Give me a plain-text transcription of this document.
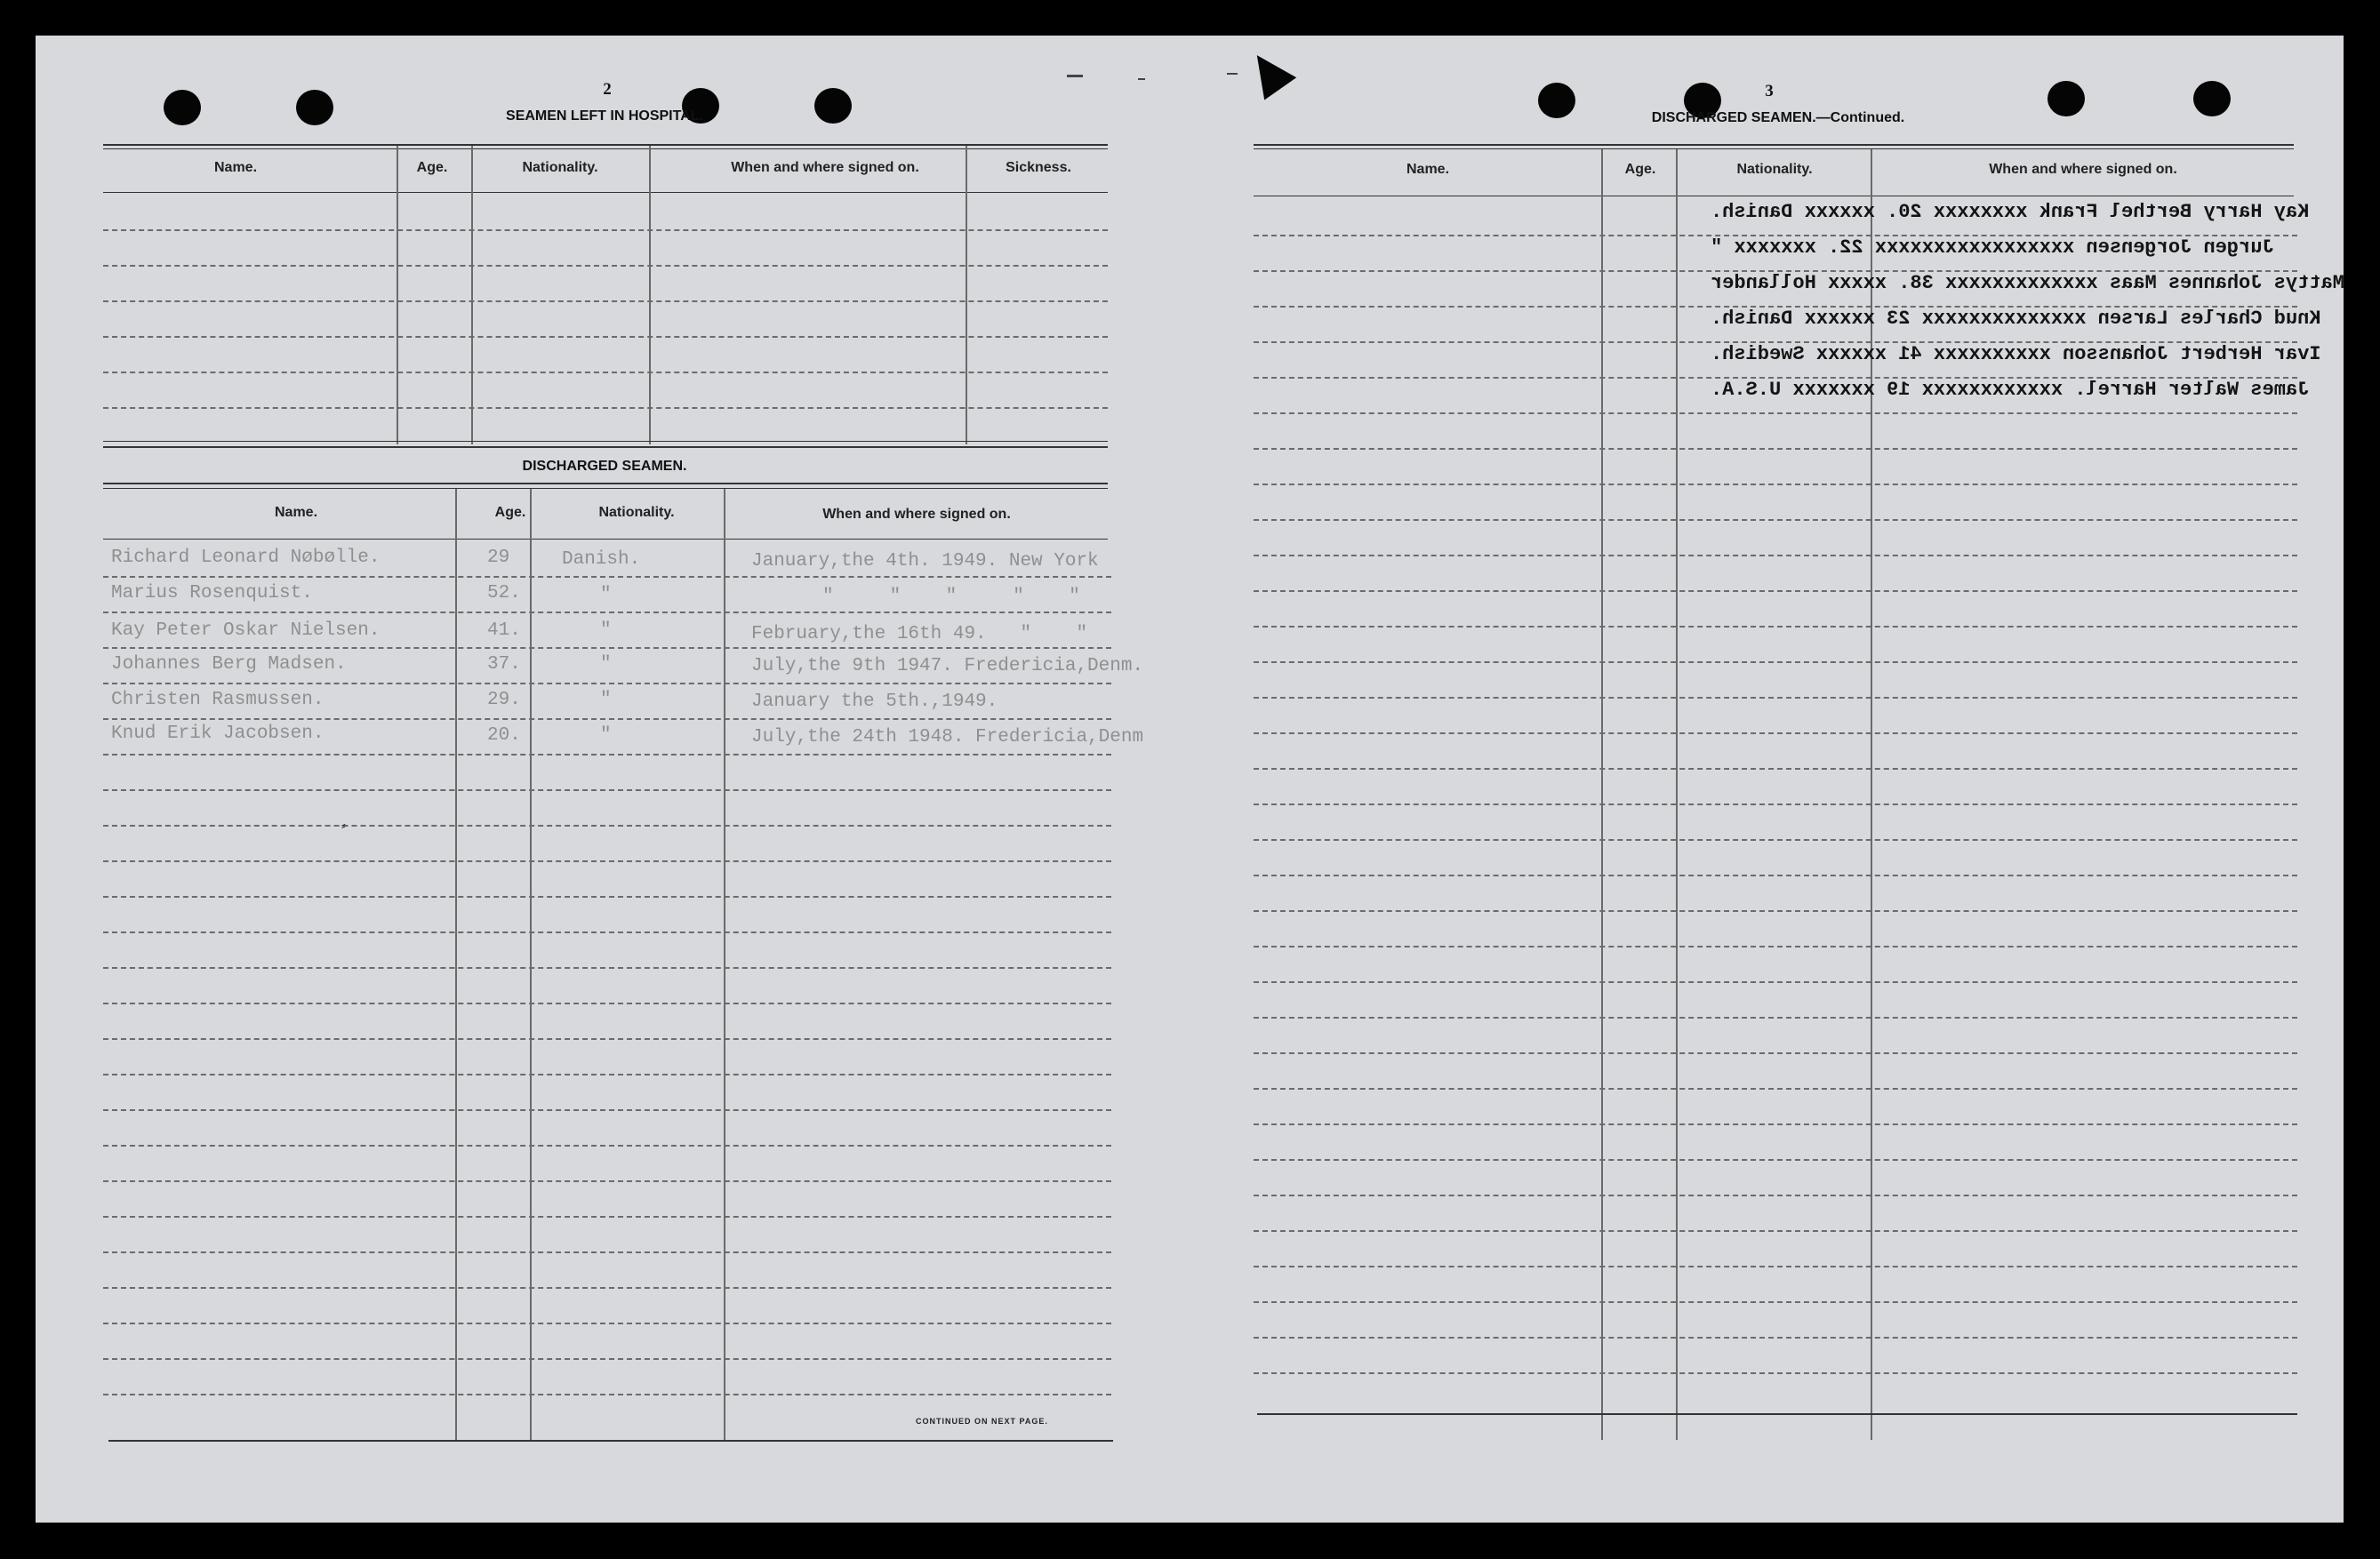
2
SEAMEN LEFT IN HOSPITAL.
Name.	Age.	Nationality.	When and where signed on.	Sickness.
DISCHARGED SEAMEN.
Name.	Age.	Nationality.	When and where signed on.
Richard Leonard Nøbølle.	29	Danish.	January,the 4th. 1949. New York
Marius Rosenquist.	52.	"	"     "    "     "    "
Kay Peter Oskar Nielsen.	41.	"	February,the 16th 49.   "    "
Johannes Berg Madsen.	37.	"	July,the 9th 1947. Fredericia,Denm.
Christen Rasmussen.	29.	"	January the 5th.,1949.
Knud Erik Jacobsen.	20.	"	July,the 24th 1948. Fredericia,Denm
⸗
CONTINUED ON NEXT PAGE.
3
DISCHARGED SEAMEN.—Continued.
Name.	Age.	Nationality.	When and where signed on.
Kay Harry Berthel Frank xxxxxxxx 20. xxxxxx Danish.
Jurgen Jorgensen xxxxxxxxxxxxxxxxx 22. xxxxxxx "
Mattys Johannes Maas xxxxxxxxxxxxx 38. xxxxx Hollander
Knud Charles Larsen xxxxxxxxxxxxxx 23 xxxxxx Danish.
Ivar Herbert Johansson xxxxxxxxxx 41 xxxxxx Swedish.
James Walter Harrel. xxxxxxxxxxxx 19 xxxxxxx U.S.A.
